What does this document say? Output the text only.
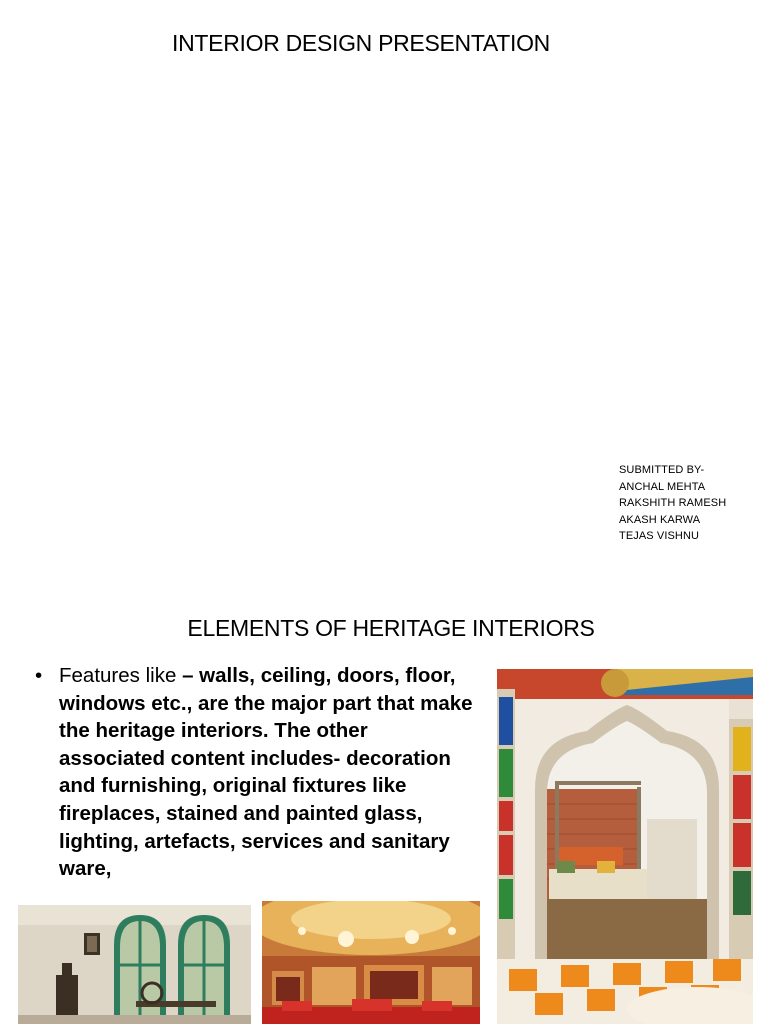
INTERIOR DESIGN PRESENTATION
SUBMITTED BY-
ANCHAL MEHTA
RAKSHITH RAMESH
AKASH KARWA
TEJAS VISHNU
ELEMENTS OF HERITAGE INTERIORS
• Features like – walls, ceiling, doors, floor, windows etc., are the major part that make the heritage interiors. The other associated content includes- decoration and furnishing, original fixtures like fireplaces, stained and painted glass, lighting, artefacts, services and sanitary ware,
